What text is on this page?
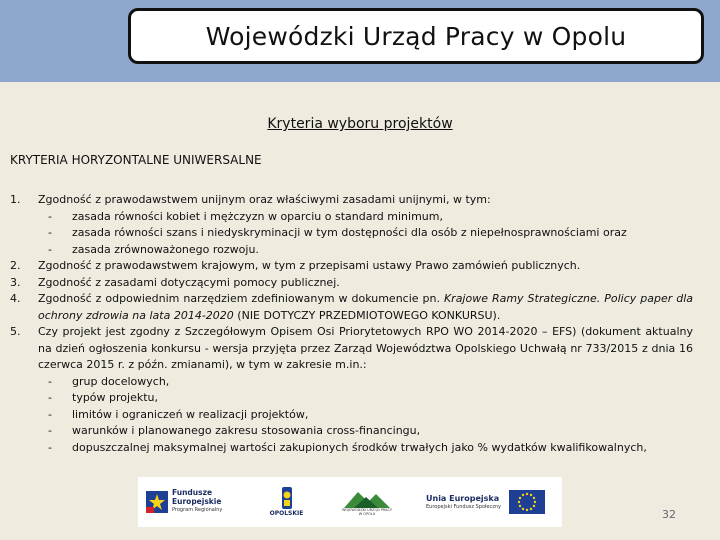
Wojewódzki Urząd Pracy w Opolu
Kryteria wyboru projektów
KRYTERIA HORYZONTALNE UNIWERSALNE
1.	Zgodność z prawodawstwem unijnym oraz właściwymi zasadami unijnymi, w tym:
-	zasada równości kobiet i mężczyzn w oparciu o standard minimum,
-	zasada równości szans i niedyskryminacji w tym dostępności dla osób z niepełnosprawnościami oraz
-	zasada zrównoważonego rozwoju.
2.	Zgodność z prawodawstwem krajowym, w tym z przepisami ustawy Prawo zamówień publicznych.
3.	Zgodność z zasadami dotyczącymi pomocy publicznej.
4.	Zgodność z odpowiednim narzędziem zdefiniowanym w dokumencie pn. Krajowe Ramy Strategiczne. Policy paper dla ochrony zdrowia na lata 2014-2020 (NIE DOTYCZY PRZEDMIOTOWEGO KONKURSU).
5.	Czy projekt jest zgodny z Szczegółowym Opisem Osi Priorytetowych RPO WO 2014-2020 – EFS) (dokument aktualny na dzień ogłoszenia konkursu - wersja przyjęta przez Zarząd Województwa Opolskiego Uchwałą nr 733/2015 z dnia 16 czerwca 2015 r. z późn. zmianami), w tym w zakresie m.in.:
-	grup docelowych,
-	typów projektu,
-	limitów i ograniczeń w realizacji projektów,
-	warunków i planowanego zakresu stosowania cross-financingu,
-	dopuszczalnej maksymalnej wartości zakupionych środków trwałych jako % wydatków kwalifikowalnych,
Fundusze
Europejskie
Program Regionalny	OPOLSKIE	WOJEWÓDZKI URZĄD PRACY
W OPOLU
Unia Europejska
Europejski Fundusz Społeczny
32
